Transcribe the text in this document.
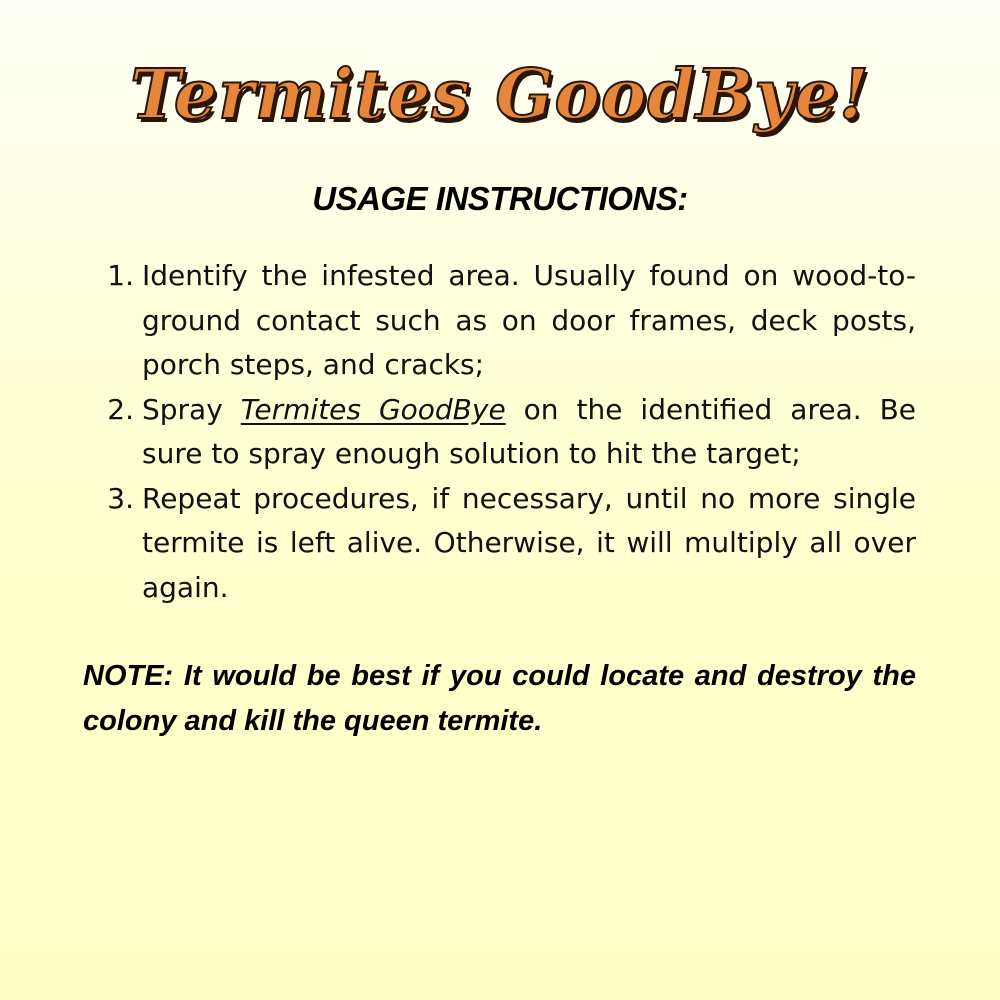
Termites GoodBye!
USAGE INSTRUCTIONS:
1. Identify the infested area. Usually found on wood-to-ground contact such as on door frames, deck posts, porch steps, and cracks;
2. Spray Termites GoodBye on the identified area. Be sure to spray enough solution to hit the target;
3. Repeat procedures, if necessary, until no more single termite is left alive. Otherwise, it will multiply all over again.

NOTE: It would be best if you could locate and destroy the colony and kill the queen termite.
